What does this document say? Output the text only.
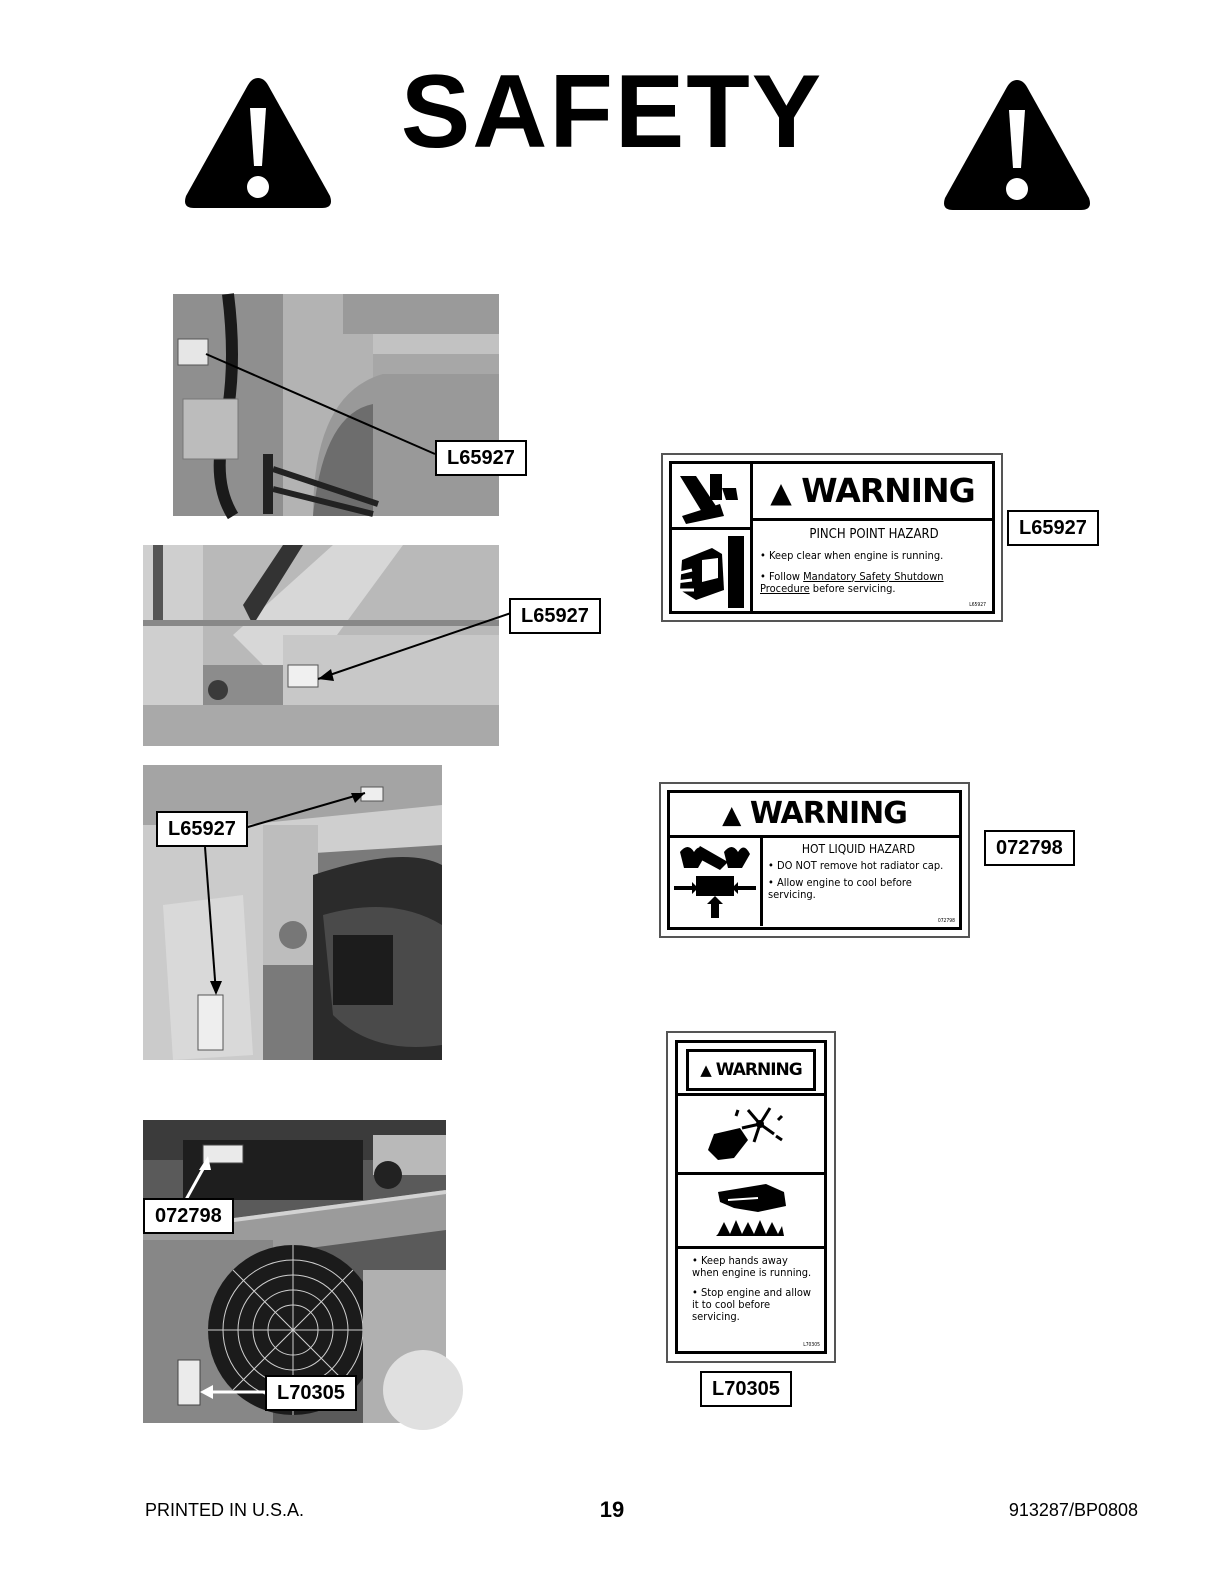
SAFETY
L65927
L65927
L65927
072798
L70305
▲ WARNING
PINCH POINT HAZARD
• Keep clear when engine is running.
• Follow Mandatory Safety Shutdown Procedure before servicing.
L65927
L65927
▲ WARNING
HOT LIQUID HAZARD
• DO NOT remove hot radiator cap.
• Allow engine to cool before servicing.
072798
072798
▲ WARNING
• Keep hands away when engine is running.
• Stop engine and allow it to cool before servicing.
L70305
L70305
PRINTED IN U.S.A.	19	913287/BP0808
